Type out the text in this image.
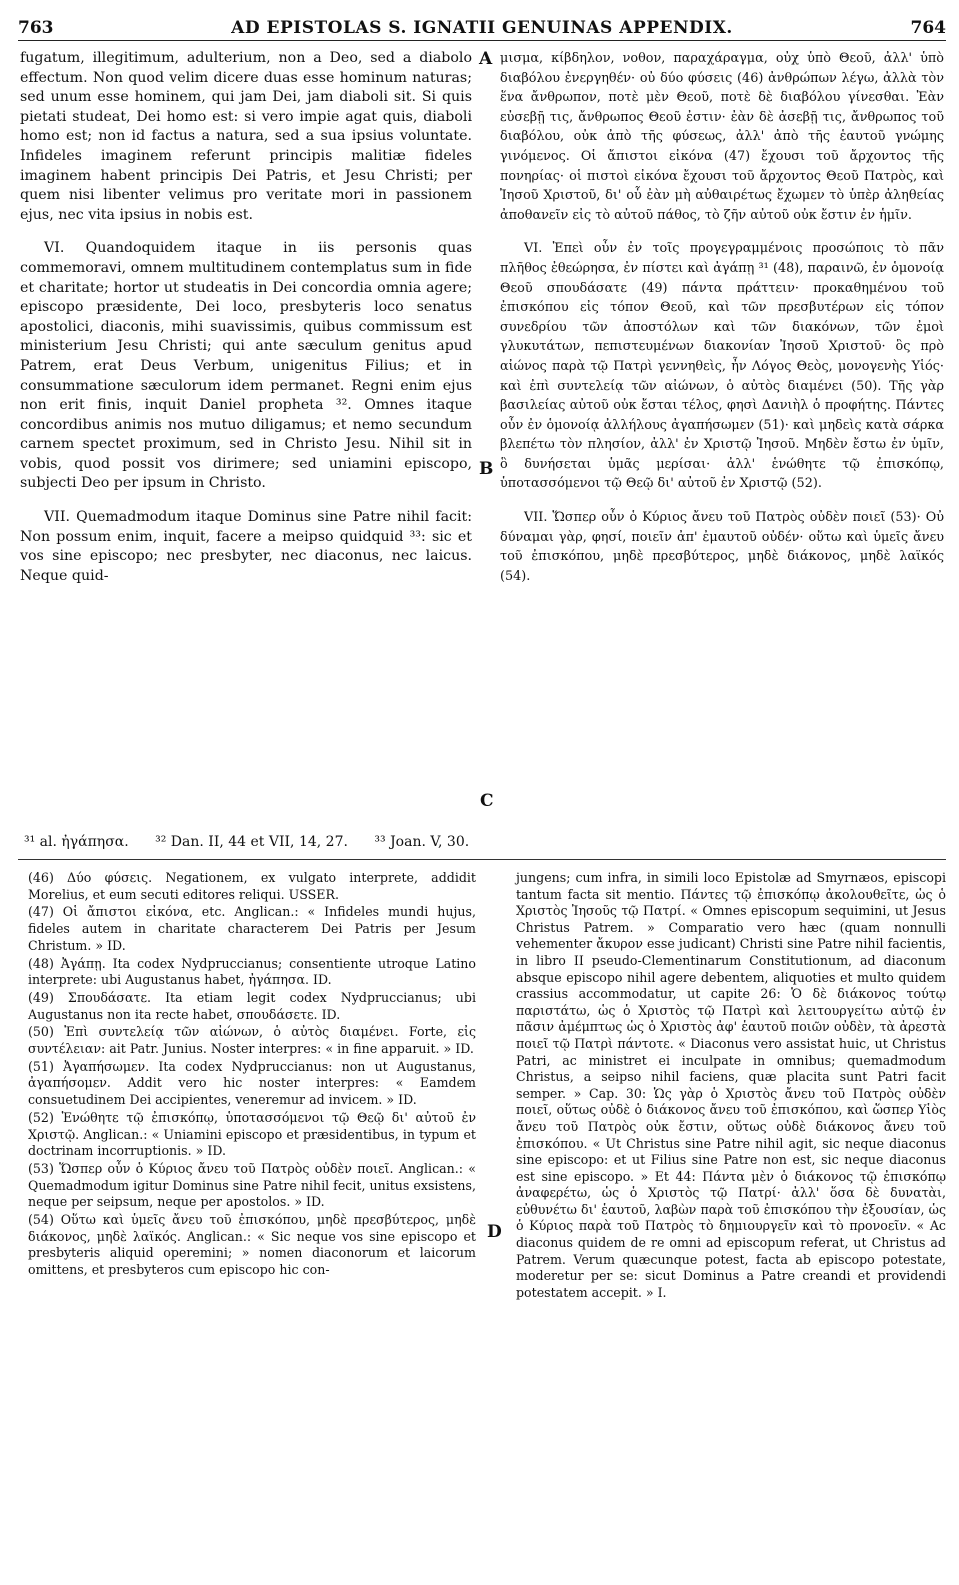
763	AD EPISTOLAS S. IGNATII GENUINAS APPENDIX.	764

fugatum, illegitimum, adulterium, non a Deo, sed a diabolo effectum. Non quod velim dicere duas esse hominum naturas; sed unum esse hominem, qui jam Dei, jam diaboli sit. Si quis pietati studeat, Dei homo est: si vero impie agat quis, diaboli homo est; non id factus a natura, sed a sua ipsius voluntate. Infideles imaginem referunt principis malitiæ fideles imaginem habent principis Dei Patris, et Jesu Christi; per quem nisi libenter velimus pro veritate mori in passionem ejus, nec vita ipsius in nobis est.

VI. Quandoquidem itaque in iis personis quas commemoravi, omnem multitudinem contemplatus sum in fide et charitate; hortor ut studeatis in Dei concordia omnia agere; episcopo præsidente, Dei loco, presbyteris loco senatus apostolici, diaconis, mihi suavissimis, quibus commissum est ministerium Jesu Christi; qui ante sæculum genitus apud Patrem, erat Deus Verbum, unigenitus Filius; et in consummatione sæculorum idem permanet. Regni enim ejus non erit finis, inquit Daniel propheta ³². Omnes itaque concordibus animis nos mutuo diligamus; et nemo secundum carnem spectet proximum, sed in Christo Jesu. Nihil sit in vobis, quod possit vos dirimere; sed uniamini episcopo, subjecti Deo per ipsum in Christo.

VII. Quemadmodum itaque Dominus sine Patre nihil facit: Non possum enim, inquit, facere a meipso quidquid ³³: sic et vos sine episcopo; nec presbyter, nec diaconus, nec laicus. Neque quid-

A
B
C

μισμα, κίβδηλον, νοθον, παραχάραγμα, οὐχ ὑπὸ Θεοῦ, ἀλλ' ὑπὸ διαβόλου ἐνεργηθέν· οὐ δύο φύσεις (46) ἀνθρώπων λέγω, ἀλλὰ τὸν ἕνα ἄνθρωπον, ποτὲ μὲν Θεοῦ, ποτὲ δὲ διαβόλου γίνεσθαι. Ἐὰν εὐσεβῇ τις, ἄνθρωπος Θεοῦ ἐστιν· ἐὰν δὲ ἀσεβῇ τις, ἄνθρωπος τοῦ διαβόλου, οὐκ ἀπὸ τῆς φύσεως, ἀλλ' ἀπὸ τῆς ἑαυτοῦ γνώμης γινόμενος. Οἱ ἄπιστοι εἰκόνα (47) ἔχουσι τοῦ ἄρχοντος τῆς πονηρίας· οἱ πιστοὶ εἰκόνα ἔχουσι τοῦ ἄρχοντος Θεοῦ Πατρὸς, καὶ Ἰησοῦ Χριστοῦ, δι' οὗ ἐὰν μὴ αὐθαιρέτως ἔχωμεν τὸ ὑπὲρ ἀληθείας ἀποθανεῖν εἰς τὸ αὐτοῦ πάθος, τὸ ζῆν αὐτοῦ οὐκ ἔστιν ἐν ἡμῖν.

VI. Ἐπεὶ οὖν ἐν τοῖς προγεγραμμένοις προσώποις τὸ πᾶν πλῆθος ἐθεώρησα, ἐν πίστει καὶ ἀγάπῃ ³¹ (48), παραινῶ, ἐν ὁμονοίᾳ Θεοῦ σπουδάσατε (49) πάντα πράττειν· προκαθημένου τοῦ ἐπισκόπου εἰς τόπον Θεοῦ, καὶ τῶν πρεσβυτέρων εἰς τόπον συνεδρίου τῶν ἀποστόλων καὶ τῶν διακόνων, τῶν ἐμοὶ γλυκυτάτων, πεπιστευμένων διακονίαν Ἰησοῦ Χριστοῦ· ὃς πρὸ αἰώνος παρὰ τῷ Πατρὶ γεννηθεὶς, ἦν Λόγος Θεὸς, μονογενὴς Υἱός· καὶ ἐπὶ συντελείᾳ τῶν αἰώνων, ὁ αὐτὸς διαμένει (50). Τῆς γὰρ βασιλείας αὐτοῦ οὐκ ἔσται τέλος, φησὶ Δανιὴλ ὁ προφήτης. Πάντες οὖν ἐν ὁμονοίᾳ ἀλλήλους ἀγαπήσωμεν (51)· καὶ μηδεὶς κατὰ σάρκα βλεπέτω τὸν πλησίον, ἀλλ' ἐν Χριστῷ Ἰησοῦ. Μηδὲν ἔστω ἐν ὑμῖν, ὃ δυνήσεται ὑμᾶς μερίσαι· ἀλλ' ἑνώθητε τῷ ἐπισκόπῳ, ὑποτασσόμενοι τῷ Θεῷ δι' αὐτοῦ ἐν Χριστῷ (52).

VII. Ὥσπερ οὖν ὁ Κύριος ἄνευ τοῦ Πατρὸς οὐδὲν ποιεῖ (53)· Οὐ δύναμαι γὰρ, φησί, ποιεῖν ἀπ' ἐμαυτοῦ οὐδέν· οὕτω καὶ ὑμεῖς ἄνευ τοῦ ἐπισκόπου, μηδὲ πρεσβύτερος, μηδὲ διάκονος, μηδὲ λαϊκός (54).

³¹ al. ἠγάπησα. ³² Dan. II, 44 et VII, 14, 27. ³³ Joan. V, 30.

(46) Δύο φύσεις. Negationem, ex vulgato interprete, addidit Morelius, et eum secuti editores reliqui. USSER.

(47) Οἱ ἄπιστοι εἰκόνα, etc. Anglican.: « Infideles mundi hujus, fideles autem in charitate characterem Dei Patris per Jesum Christum. » ID.

(48) Ἀγάπῃ. Ita codex Nydpruccianus; consentiente utroque Latino interprete: ubi Augustanus habet, ἠγάπησα. ID.

(49) Σπουδάσατε. Ita etiam legit codex Nydpruccianus; ubi Augustanus non ita recte habet, σπουδάσετε. ID.

(50) Ἐπὶ συντελείᾳ τῶν αἰώνων, ὁ αὐτὸς διαμένει. Forte, εἰς συντέλειαν: ait Patr. Junius. Noster interpres: « in fine apparuit. » ID.

(51) Ἀγαπήσωμεν. Ita codex Nydpruccianus: non ut Augustanus, ἀγαπήσομεν. Addit vero hic noster interpres: « Eamdem consuetudinem Dei accipientes, veneremur ad invicem. » ID.

(52) Ἑνώθητε τῷ ἐπισκόπῳ, ὑποτασσόμενοι τῷ Θεῷ δι' αὐτοῦ ἐν Χριστῷ. Anglican.: « Uniamini episcopo et præsidentibus, in typum et doctrinam incorruptionis. » ID.

(53) Ὥσπερ οὖν ὁ Κύριος ἄνευ τοῦ Πατρὸς οὐδὲν ποιεῖ. Anglican.: « Quemadmodum igitur Dominus sine Patre nihil fecit, unitus exsistens, neque per seipsum, neque per apostolos. » ID.

(54) Οὕτω καὶ ὑμεῖς ἄνευ τοῦ ἐπισκόπου, μηδὲ πρεσβύτερος, μηδὲ διάκονος, μηδὲ λαϊκός. Anglican.: « Sic neque vos sine episcopo et presbyteris aliquid operemini; » nomen diaconorum et laicorum omittens, et presbyteros cum episcopo hic con-

D

jungens; cum infra, in simili loco Epistolæ ad Smyrnæos, episcopi tantum facta sit mentio. Πάντες τῷ ἐπισκόπῳ ἀκολουθεῖτε, ὡς ὁ Χριστὸς Ἰησοῦς τῷ Πατρί. « Omnes episcopum sequimini, ut Jesus Christus Patrem. » Comparatio vero hæc (quam nonnulli vehementer ἄκυρον esse judicant) Christi sine Patre nihil facientis, in libro II pseudo-Clementinarum Constitutionum, ad diaconum absque episcopo nihil agere debentem, aliquoties et multo quidem crassius accommodatur, ut capite 26: Ὁ δὲ διάκονος τούτῳ παριστάτω, ὡς ὁ Χριστὸς τῷ Πατρὶ καὶ λειτουργείτω αὐτῷ ἐν πᾶσιν ἀμέμπτως ὡς ὁ Χριστὸς ἀφ' ἑαυτοῦ ποιῶν οὐδὲν, τὰ ἀρεστὰ ποιεῖ τῷ Πατρὶ πάντοτε. « Diaconus vero assistat huic, ut Christus Patri, ac ministret ei inculpate in omnibus; quemadmodum Christus, a seipso nihil faciens, quæ placita sunt Patri facit semper. » Cap. 30: Ὡς γὰρ ὁ Χριστὸς ἄνευ τοῦ Πατρὸς οὐδὲν ποιεῖ, οὕτως οὐδὲ ὁ διάκονος ἄνευ τοῦ ἐπισκόπου, καὶ ὥσπερ Υἱὸς ἄνευ τοῦ Πατρὸς οὐκ ἔστιν, οὕτως οὐδὲ διάκονος ἄνευ τοῦ ἐπισκόπου. « Ut Christus sine Patre nihil agit, sic neque diaconus sine episcopo: et ut Filius sine Patre non est, sic neque diaconus est sine episcopo. » Et 44: Πάντα μὲν ὁ διάκονος τῷ ἐπισκόπῳ ἀναφερέτω, ὡς ὁ Χριστὸς τῷ Πατρί· ἀλλ' ὅσα δὲ δυνατὰι, εὐθυνέτω δι' ἑαυτοῦ, λαβὼν παρὰ τοῦ ἐπισκόπου τὴν ἐξουσίαν, ὡς ὁ Κύριος παρὰ τοῦ Πατρὸς τὸ δημιουργεῖν καὶ τὸ προνοεῖν. « Ac diaconus quidem de re omni ad episcopum referat, ut Christus ad Patrem. Verum quæcunque potest, facta ab episcopo potestate, moderetur per se: sicut Dominus a Patre creandi et providendi potestatem accepit. » I.
